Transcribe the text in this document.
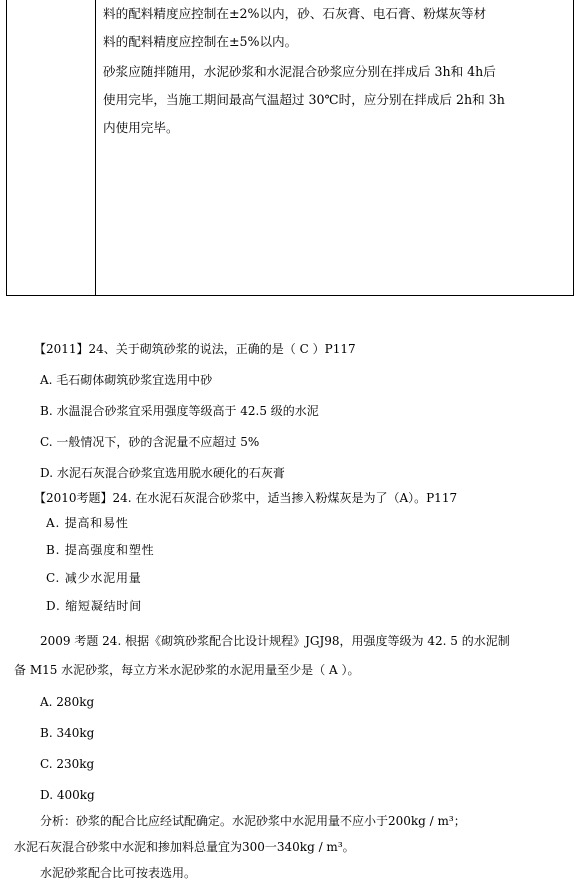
料的配料精度应控制在±2%以内，砂、石灰膏、电石膏、粉煤灰等材

料的配料精度应控制在±5%以内。

砂浆应随拌随用，水泥砂浆和水泥混合砂浆应分别在拌成后 3h和 4h后

使用完毕，当施工期间最高气温超过 30℃时，应分别在拌成后 2h和 3h

内使用完毕。

【2011】24、关于砌筑砂浆的说法，正确的是（ C ）P117
A. 毛石砌体砌筑砂浆宜选用中砂
B. 水温混合砂浆宜采用强度等级高于 42.5 级的水泥
C. 一般情况下，砂的含泥量不应超过 5%
D. 水泥石灰混合砂浆宜选用脱水硬化的石灰膏
【2010考题】24. 在水泥石灰混合砂浆中，适当掺入粉煤灰是为了（A）。P117
A. 提高和易性
B. 提高强度和塑性
C. 减少水泥用量
D. 缩短凝结时间
2009 考题 24. 根据《砌筑砂浆配合比设计规程》JGJ98，用强度等级为 42. 5 的水泥制
备 M15 水泥砂浆，每立方米水泥砂浆的水泥用量至少是（ A ）。
A. 280kg
B. 340kg
C. 230kg
D. 400kg
分析：砂浆的配合比应经试配确定。水泥砂浆中水泥用量不应小于200kg / m³；
水泥石灰混合砂浆中水泥和掺加料总量宜为300一340kg / m³。
水泥砂浆配合比可按表选用。
